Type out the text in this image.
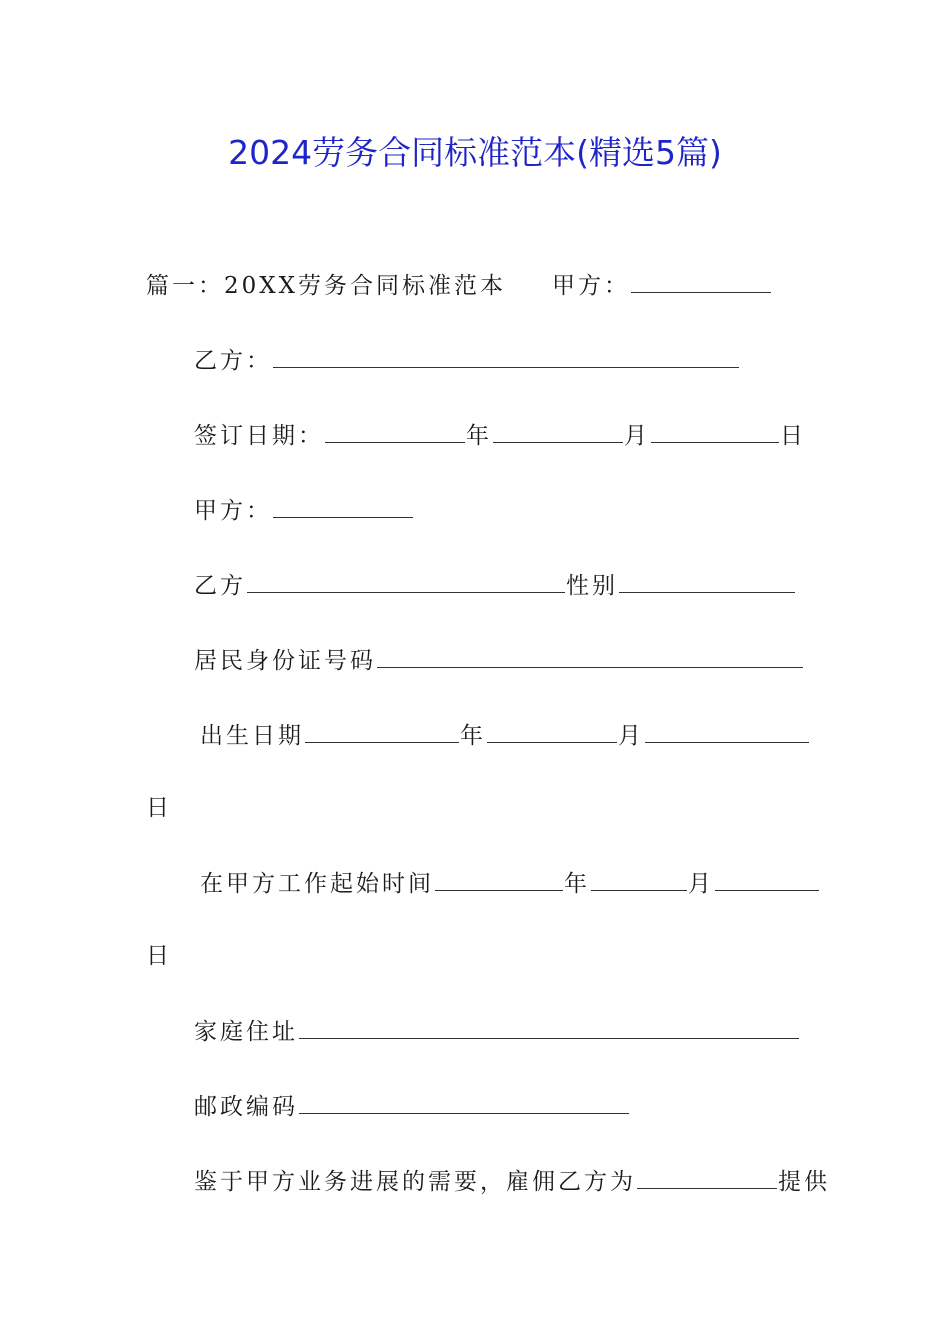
2024劳务合同标准范本(精选5篇)
篇一：20XX劳务合同标准范本 甲方：
乙方：
签订日期：	年	月	日
甲方：
乙方	性别
居民身份证号码
出生日期	年	月
日
在甲方工作起始时间	年	月
日
家庭住址
邮政编码
鉴于甲方业务进展的需要，雇佣乙方为	提供
